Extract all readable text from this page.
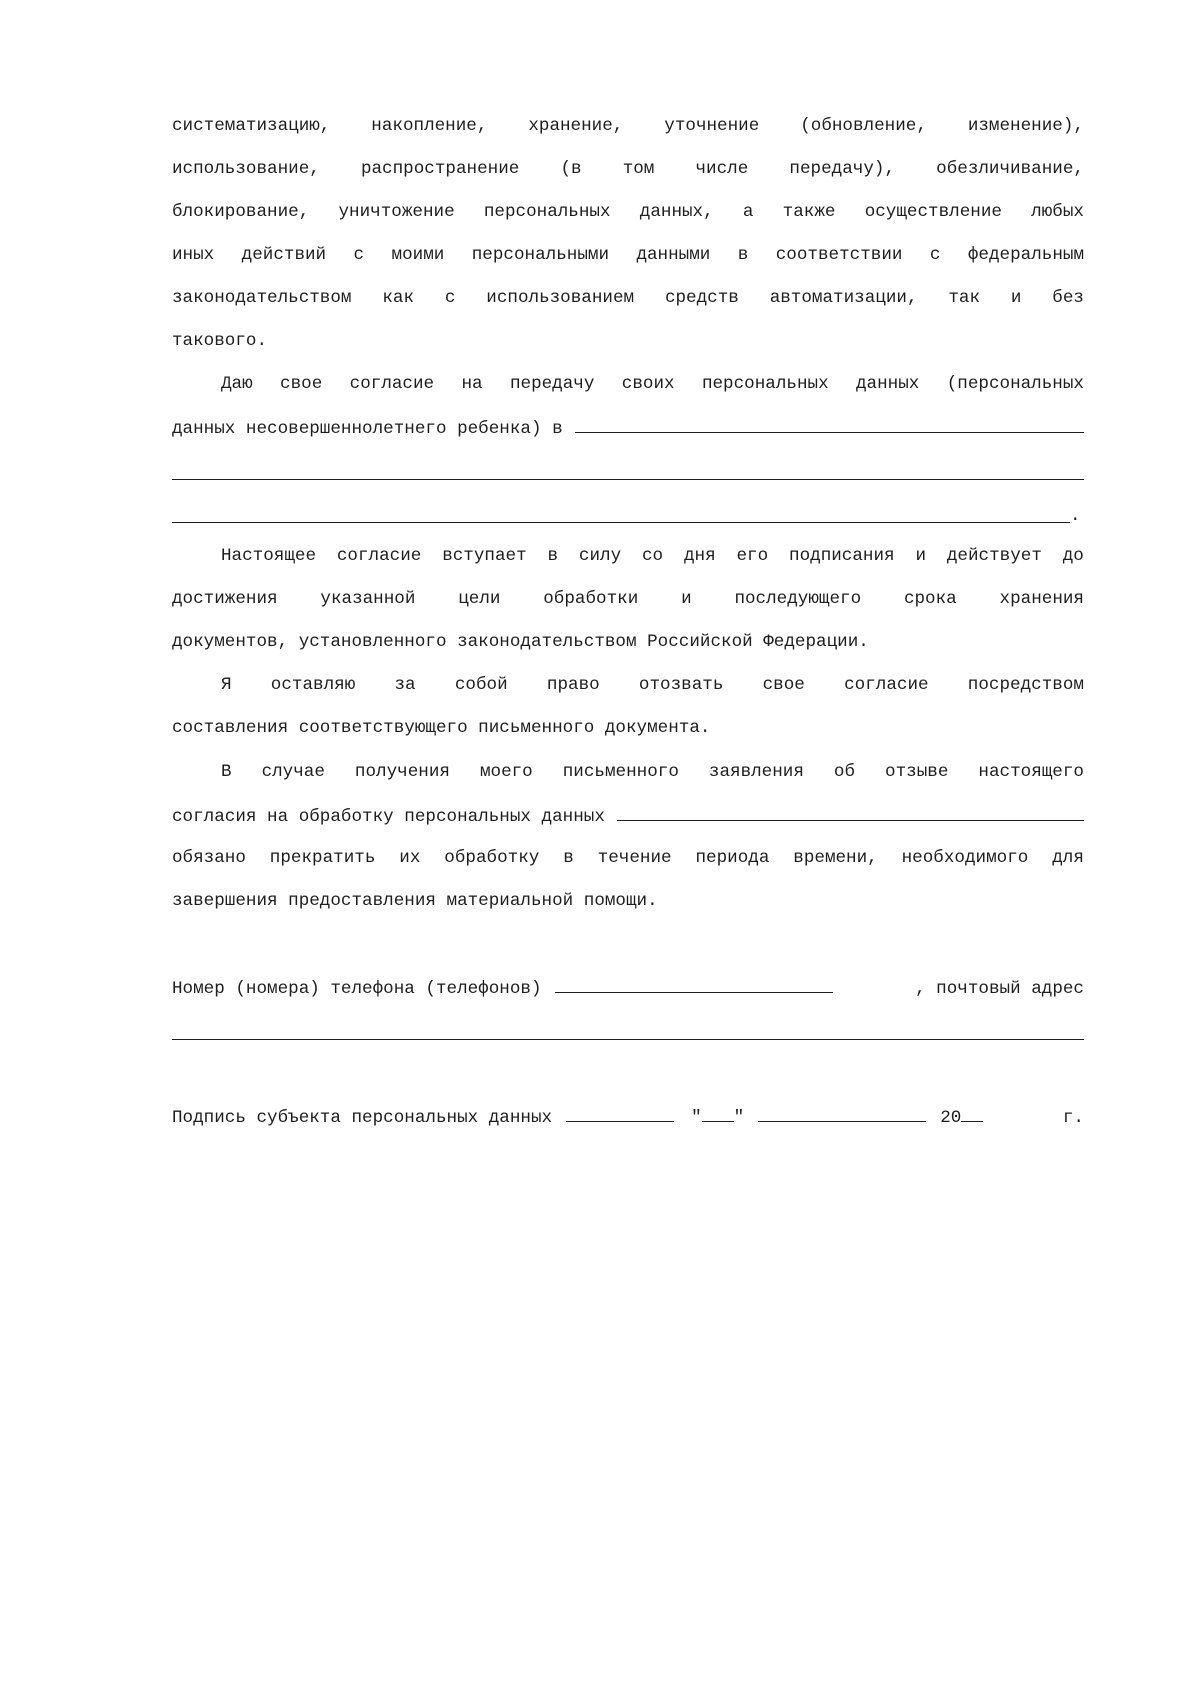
систематизацию, накопление, хранение, уточнение (обновление, изменение),
использование, распространение (в том числе передачу), обезличивание,
блокирование, уничтожение персональных данных, а также осуществление любых
иных действий с моими персональными данными в соответствии с федеральным
законодательством как с использованием средств автоматизации, так и без
такового.
Даю свое согласие на передачу своих персональных данных (персональных
данных несовершеннолетнего ребенка) в
.
Настоящее согласие вступает в силу со дня его подписания и действует до
достижения указанной цели обработки и последующего срока хранения
документов, установленного законодательством Российской Федерации.
Я оставляю за собой право отозвать свое согласие посредством
составления соответствующего письменного документа.
В случае получения моего письменного заявления об отзыве настоящего
согласия на обработку персональных данных
обязано прекратить их обработку в течение периода времени, необходимого для
завершения предоставления материальной помощи.
Номер (номера) телефона (телефонов)	, почтовый адрес
Подпись субъекта персональных данных	" "	20	г.
